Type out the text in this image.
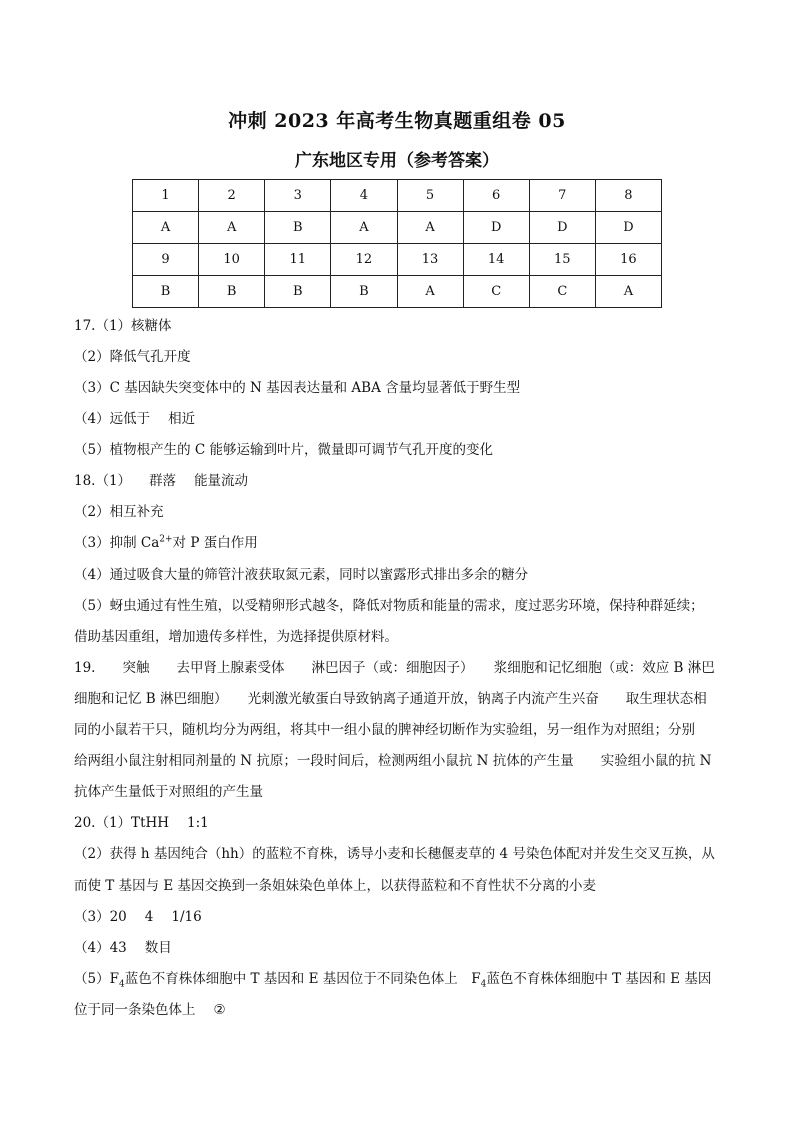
冲刺 2023 年高考生物真题重组卷 05
广东地区专用（参考答案）
1	2	3	4	5	6	7	8
A	A	B	A	A	D	D	D
9	10	11	12	13	14	15	16
B	B	B	B	A	C	C	A
17.（1）核糖体
（2）降低气孔开度
（3）C 基因缺失突变体中的 N 基因表达量和 ABA 含量均显著低于野生型
（4）远低于 相近
（5）植物根产生的 C 能够运输到叶片，微量即可调节气孔开度的变化
18.（1） 群落 能量流动
（2）相互补充
（3）抑制 $Ca^{2+}$对 P 蛋白作用
（4）通过吸食大量的筛管汁液获取氮元素，同时以蜜露形式排出多余的糖分
（5）蚜虫通过有性生殖，以受精卵形式越冬，降低对物质和能量的需求，度过恶劣环境，保持种群延续；
借助基因重组，增加遗传多样性，为选择提供原材料。
19.　　突触　　去甲肾上腺素受体　　淋巴因子（或：细胞因子）　　浆细胞和记忆细胞（或：效应 B 淋巴
细胞和记忆 B 淋巴细胞）　　光刺激光敏蛋白导致钠离子通道开放，钠离子内流产生兴奋　　取生理状态相
同的小鼠若干只，随机均分为两组，将其中一组小鼠的脾神经切断作为实验组，另一组作为对照组；分别
给两组小鼠注射相同剂量的 N 抗原；一段时间后，检测两组小鼠抗 N 抗体的产生量　　实验组小鼠的抗 N
抗体产生量低于对照组的产生量
20.（1）TtHH 1:1
（2）获得 h 基因纯合（hh）的蓝粒不育株，诱导小麦和长穗偃麦草的 4 号染色体配对并发生交叉互换，从
而使 T 基因与 E 基因交换到一条姐妹染色单体上，以获得蓝粒和不育性状不分离的小麦
（3）20 4 1/16
（4）43 数目
$(5)F_4$蓝色不育株体细胞中 T 基因和 E 基因位于不同染色体上　$F_4$蓝色不育株体细胞中 T 基因和 E 基因
位于同一条染色体上 ②
